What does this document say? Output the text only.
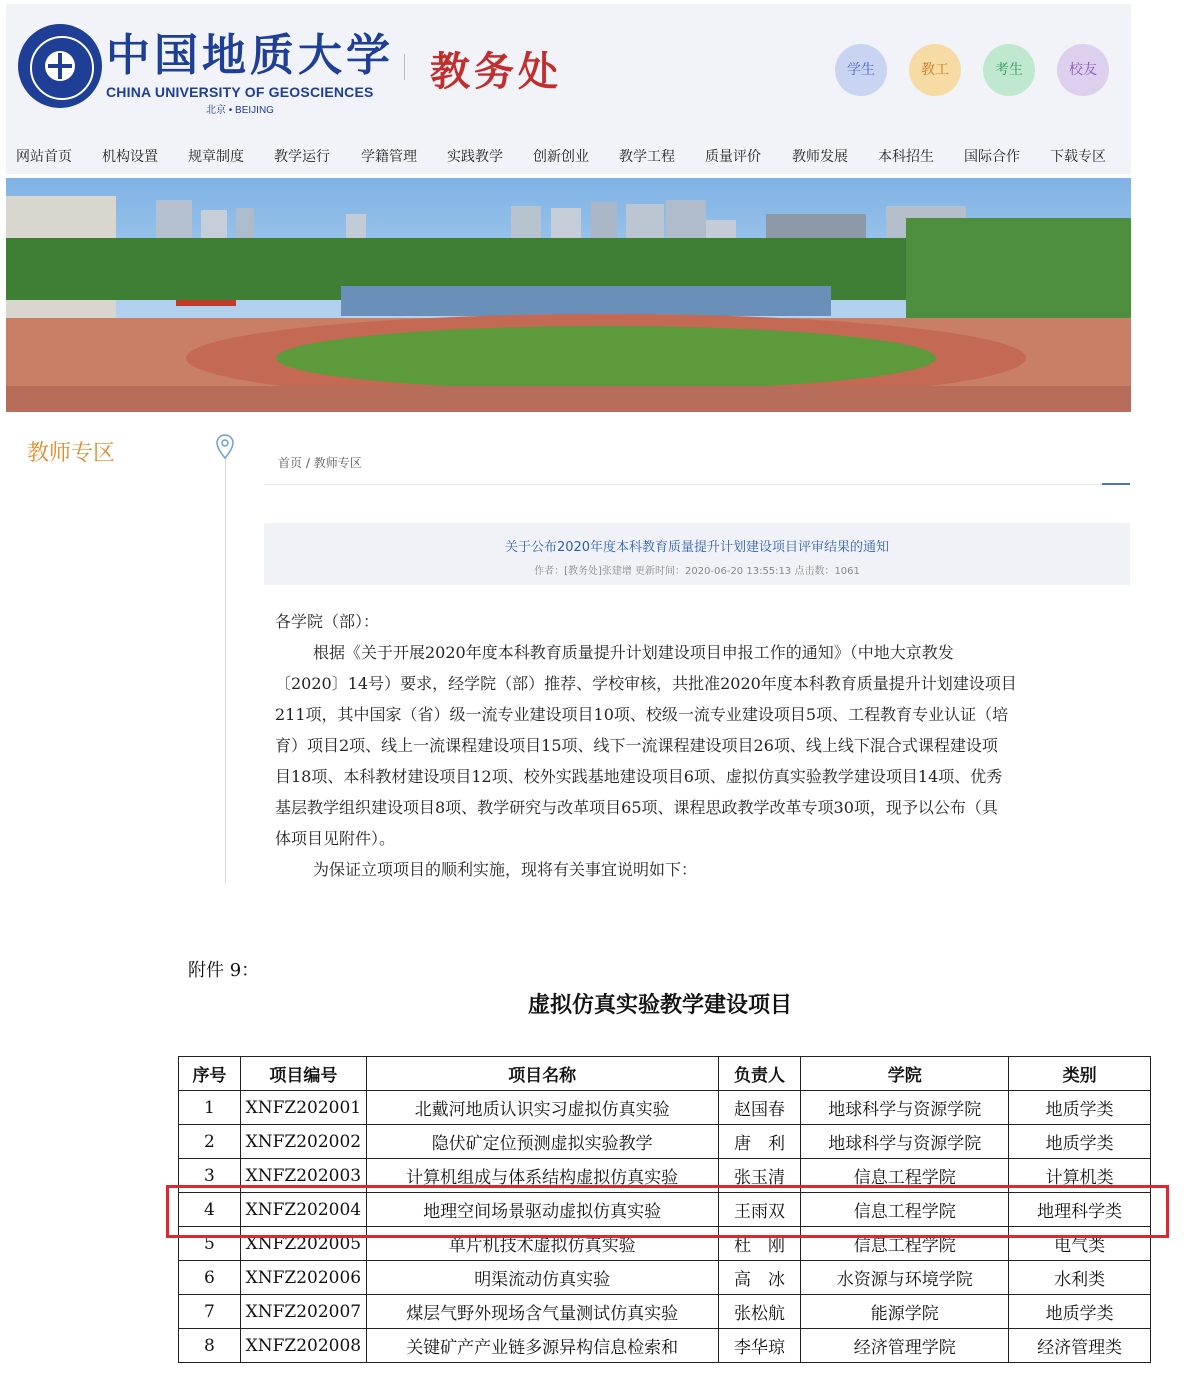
中国地质大学
CHINA UNIVERSITY OF GEOSCIENCES
北京 • BEIJING
教务处	学生	教工	考生	校友
网站首页 机构设置 规章制度 教学运行 学籍管理 实践教学 创新创业 教学工程 质量评价 教师发展 本科招生 国际合作 下载专区
教师专区	首页 / 教师专区
关于公布2020年度本科教育质量提升计划建设项目评审结果的通知
作者：[教务处]张建增 更新时间：2020-06-20 13:55:13 点击数：1061

各学院（部）：

根据《关于开展2020年度本科教育质量提升计划建设项目申报工作的通知》（中地大京教发

〔2020〕14号）要求，经学院（部）推荐、学校审核，共批准2020年度本科教育质量提升计划建设项目

211项，其中国家（省）级一流专业建设项目10项、校级一流专业建设项目5项、工程教育专业认证（培

育）项目2项、线上一流课程建设项目15项、线下一流课程建设项目26项、线上线下混合式课程建设项

目18项、本科教材建设项目12项、校外实践基地建设项目6项、虚拟仿真实验教学建设项目14项、优秀

基层教学组织建设项目8项、教学研究与改革项目65项、课程思政教学改革专项30项，现予以公布（具

体项目见附件）。

为保证立项项目的顺利实施，现将有关事宜说明如下：

附件 9：
虚拟仿真实验教学建设项目
序号	项目编号	项目名称	负责人	学院	类别
1	XNFZ202001	北戴河地质认识实习虚拟仿真实验	赵国春	地球科学与资源学院	地质学类
2	XNFZ202002	隐伏矿定位预测虚拟实验教学	唐　利	地球科学与资源学院	地质学类
3	XNFZ202003	计算机组成与体系结构虚拟仿真实验	张玉清	信息工程学院	计算机类
4	XNFZ202004	地理空间场景驱动虚拟仿真实验	王雨双	信息工程学院	地理科学类
5	XNFZ202005	单片机技术虚拟仿真实验	杜　刚	信息工程学院	电气类
6	XNFZ202006	明渠流动仿真实验	高　冰	水资源与环境学院	水利类
7	XNFZ202007	煤层气野外现场含气量测试仿真实验	张松航	能源学院	地质学类
8	XNFZ202008	关键矿产产业链多源异构信息检索和	李华琼	经济管理学院	经济管理类
